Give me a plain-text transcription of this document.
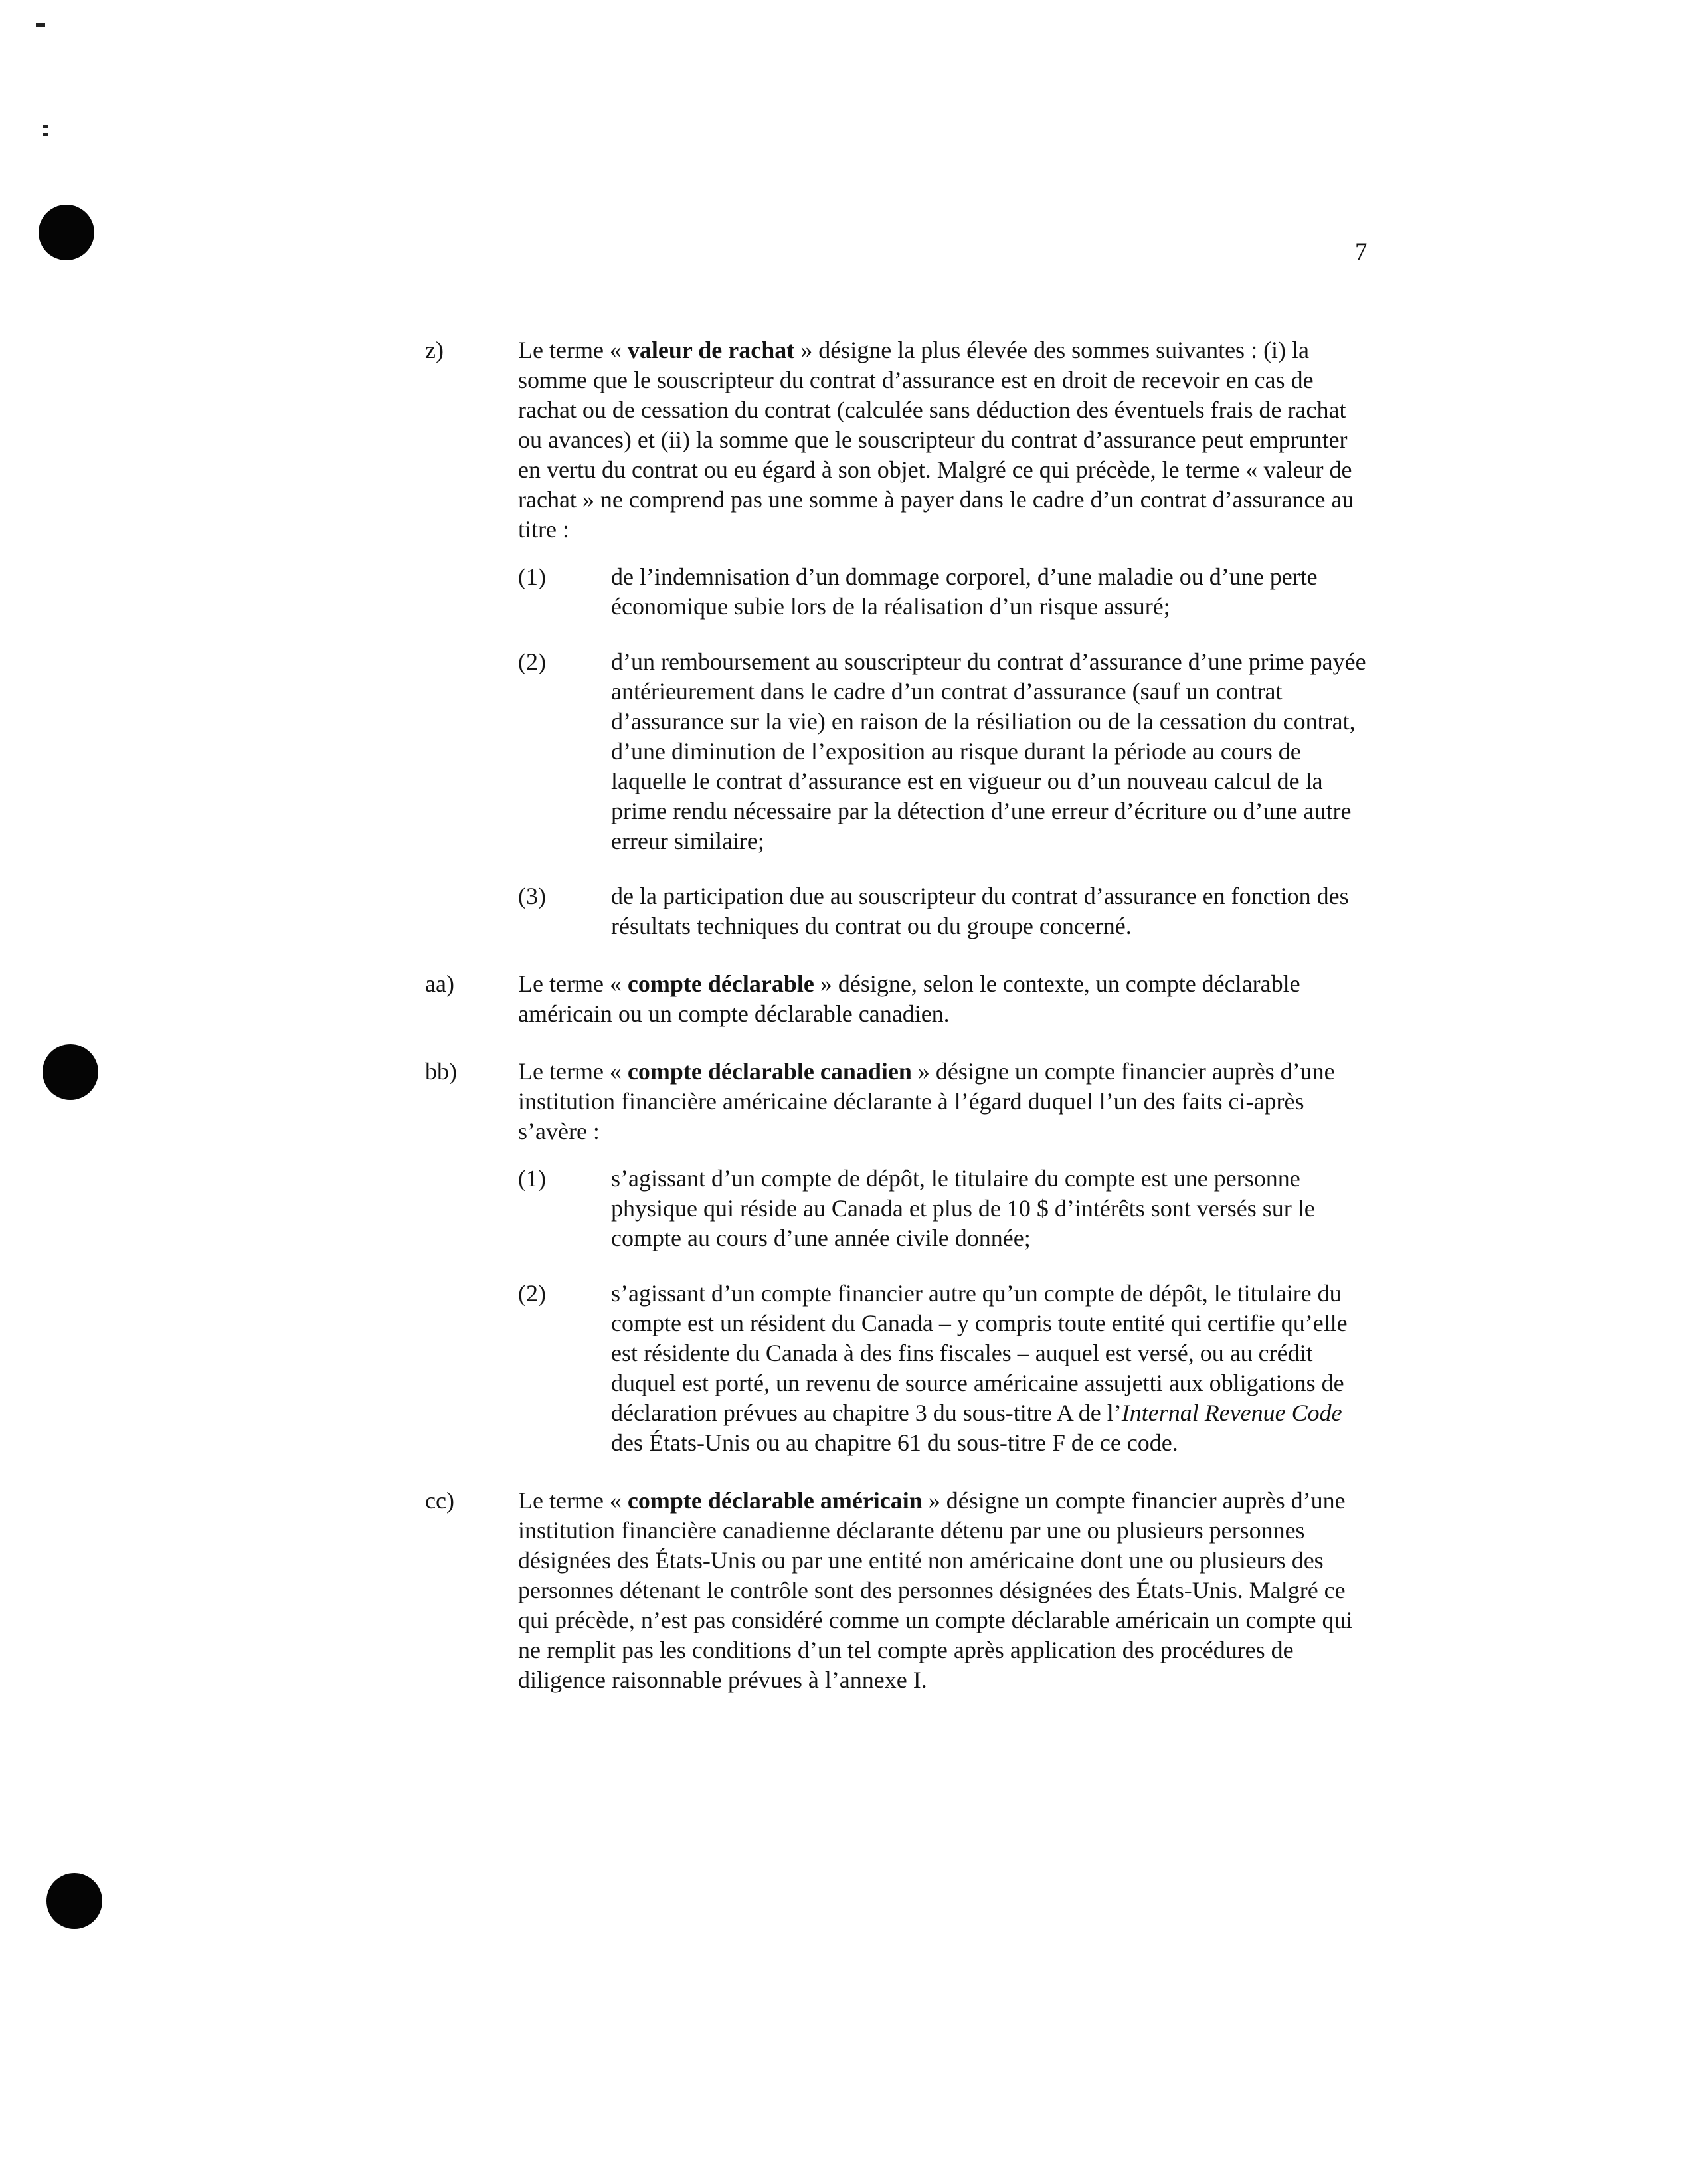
7
z)	Le terme « valeur de rachat » désigne la plus élevée des sommes suivantes : (i) la somme que le souscripteur du contrat d’assurance est en droit de recevoir en cas de rachat ou de cessation du contrat (calculée sans déduction des éventuels frais de rachat ou avances) et (ii) la somme que le souscripteur du contrat d’assurance peut emprunter en vertu du contrat ou eu égard à son objet. Malgré ce qui précède, le terme « valeur de rachat » ne comprend pas une somme à payer dans le cadre d’un contrat d’assurance au titre :
(1)	de l’indemnisation d’un dommage corporel, d’une maladie ou d’une perte économique subie lors de la réalisation d’un risque assuré;
(2)	d’un remboursement au souscripteur du contrat d’assurance d’une prime payée antérieurement dans le cadre d’un contrat d’assurance (sauf un contrat d’assurance sur la vie) en raison de la résiliation ou de la cessation du contrat, d’une diminution de l’exposition au risque durant la période au cours de laquelle le contrat d’assurance est en vigueur ou d’un nouveau calcul de la prime rendu nécessaire par la détection d’une erreur d’écriture ou d’une autre erreur similaire;
(3)	de la participation due au souscripteur du contrat d’assurance en fonction des résultats techniques du contrat ou du groupe concerné.
aa)	Le terme « compte déclarable » désigne, selon le contexte, un compte déclarable américain ou un compte déclarable canadien.
bb)	Le terme « compte déclarable canadien » désigne un compte financier auprès d’une institution financière américaine déclarante à l’égard duquel l’un des faits ci-après s’avère :
(1)	s’agissant d’un compte de dépôt, le titulaire du compte est une personne physique qui réside au Canada et plus de 10 $ d’intérêts sont versés sur le compte au cours d’une année civile donnée;
(2)	s’agissant d’un compte financier autre qu’un compte de dépôt, le titulaire du compte est un résident du Canada – y compris toute entité qui certifie qu’elle est résidente du Canada à des fins fiscales – auquel est versé, ou au crédit duquel est porté, un revenu de source américaine assujetti aux obligations de déclaration prévues au chapitre 3 du sous-titre A de l’Internal Revenue Code des États-Unis ou au chapitre 61 du sous-titre F de ce code.
cc)	Le terme « compte déclarable américain » désigne un compte financier auprès d’une institution financière canadienne déclarante détenu par une ou plusieurs personnes désignées des États-Unis ou par une entité non américaine dont une ou plusieurs des personnes détenant le contrôle sont des personnes désignées des États-Unis. Malgré ce qui précède, n’est pas considéré comme un compte déclarable américain un compte qui ne remplit pas les conditions d’un tel compte après application des procédures de diligence raisonnable prévues à l’annexe I.
